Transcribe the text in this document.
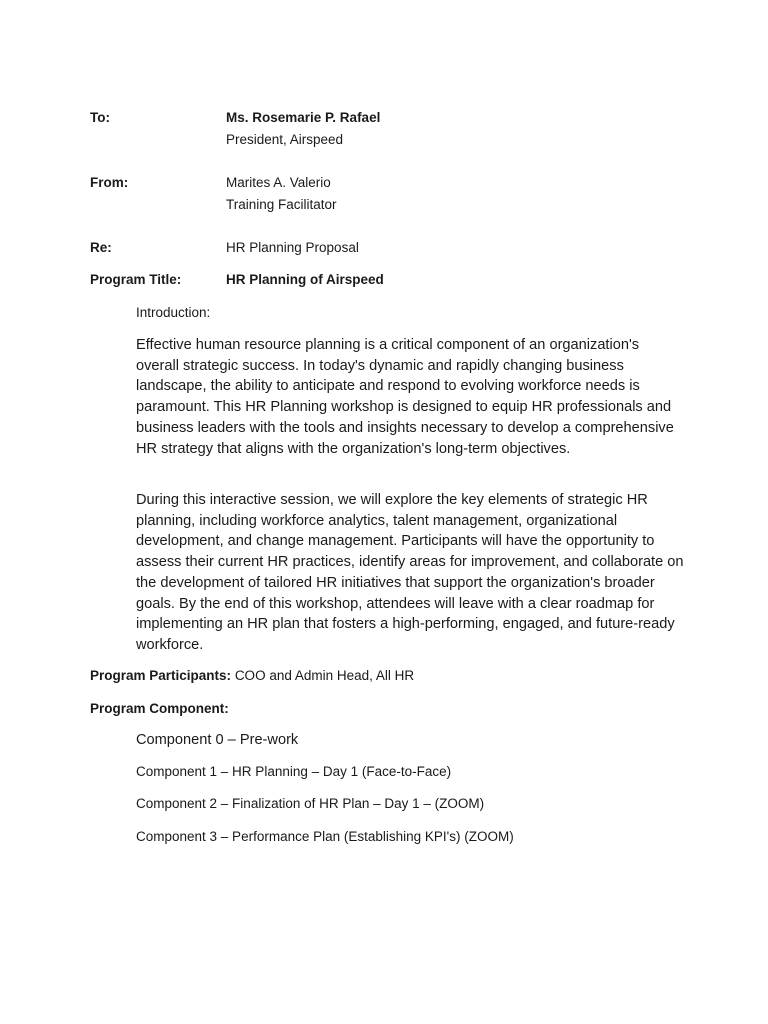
To:	Ms. Rosemarie P. Rafael
President, Airspeed
From:	Marites A. Valerio
Training Facilitator
Re:	HR Planning Proposal
Program Title:	HR Planning of Airspeed
Introduction:

Effective human resource planning is a critical component of an organization's overall strategic success. In today's dynamic and rapidly changing business landscape, the ability to anticipate and respond to evolving workforce needs is paramount. This HR Planning workshop is designed to equip HR professionals and business leaders with the tools and insights necessary to develop a comprehensive HR strategy that aligns with the organization's long-term objectives.

During this interactive session, we will explore the key elements of strategic HR planning, including workforce analytics, talent management, organizational development, and change management. Participants will have the opportunity to assess their current HR practices, identify areas for improvement, and collaborate on the development of tailored HR initiatives that support the organization's broader goals. By the end of this workshop, attendees will leave with a clear roadmap for implementing an HR plan that fosters a high-performing, engaged, and future-ready workforce.

Program Participants: COO and Admin Head, All HR
Program Component:
Component 0 – Pre-work
Component 1 – HR Planning – Day 1 (Face-to-Face)
Component 2 – Finalization of HR Plan – Day 1 – (ZOOM)
Component 3 – Performance Plan (Establishing KPI's) (ZOOM)
